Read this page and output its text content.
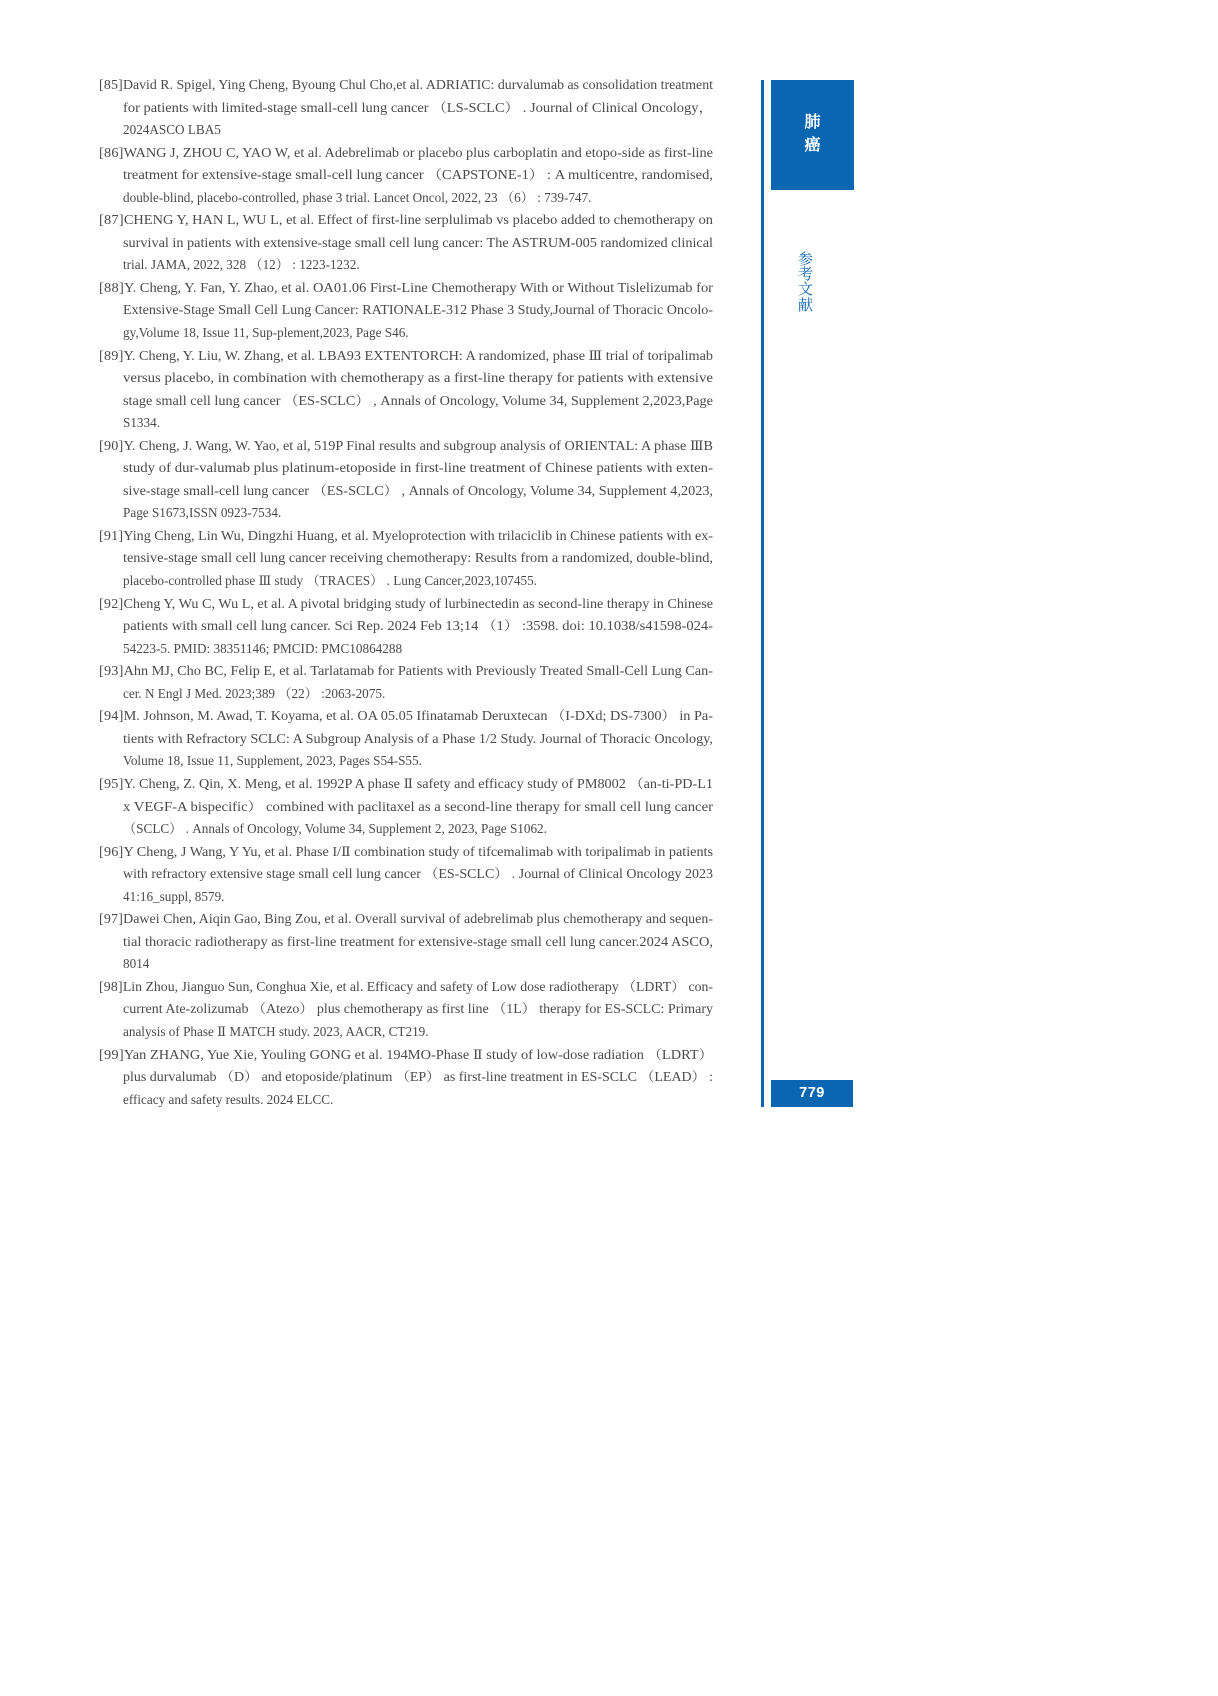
[85]David R. Spigel, Ying Cheng, Byoung Chul Cho,et al. ADRIATIC: durvalumab as consolidation treatment
for patients with limited-stage small-cell lung cancer （LS-SCLC） . Journal of Clinical Oncology，
2024ASCO LBA5
[86]WANG J, ZHOU C, YAO W, et al. Adebrelimab or placebo plus carboplatin and etopo-side as first-line
treatment for extensive-stage small-cell lung cancer （CAPSTONE-1） : A multicentre, randomised,
double-blind, placebo-controlled, phase 3 trial. Lancet Oncol, 2022, 23 （6） : 739-747.
[87]CHENG Y, HAN L, WU L, et al. Effect of first-line serplulimab vs placebo added to chemotherapy on
survival in patients with extensive-stage small cell lung cancer: The ASTRUM-005 randomized clinical
trial. JAMA, 2022, 328 （12） : 1223-1232.
[88]Y. Cheng, Y. Fan, Y. Zhao, et al. OA01.06 First-Line Chemotherapy With or Without Tislelizumab for
Extensive-Stage Small Cell Lung Cancer: RATIONALE-312 Phase 3 Study,Journal of Thoracic Oncolo-
gy,Volume 18, Issue 11, Sup-plement,2023, Page S46.
[89]Y. Cheng, Y. Liu, W. Zhang, et al. LBA93 EXTENTORCH: A randomized, phase Ⅲ trial of toripalimab
versus placebo, in combination with chemotherapy as a first-line therapy for patients with extensive
stage small cell lung cancer （ES-SCLC） , Annals of Oncology, Volume 34, Supplement 2,2023,Page
S1334.
[90]Y. Cheng, J. Wang, W. Yao, et al, 519P Final results and subgroup analysis of ORIENTAL: A phase ⅢB
study of dur-valumab plus platinum-etoposide in first-line treatment of Chinese patients with exten-
sive-stage small-cell lung cancer （ES-SCLC） , Annals of Oncology, Volume 34, Supplement 4,2023,
Page S1673,ISSN 0923-7534.
[91]Ying Cheng, Lin Wu, Dingzhi Huang, et al. Myeloprotection with trilaciclib in Chinese patients with ex-
tensive-stage small cell lung cancer receiving chemotherapy: Results from a randomized, double-blind,
placebo-controlled phase Ⅲ study （TRACES） . Lung Cancer,2023,107455.
[92]Cheng Y, Wu C, Wu L, et al. A pivotal bridging study of lurbinectedin as second-line therapy in Chinese
patients with small cell lung cancer. Sci Rep. 2024 Feb 13;14 （1） :3598. doi: 10.1038/s41598-024-
54223-5. PMID: 38351146; PMCID: PMC10864288
[93]Ahn MJ, Cho BC, Felip E, et al. Tarlatamab for Patients with Previously Treated Small-Cell Lung Can-
cer. N Engl J Med. 2023;389 （22） :2063-2075.
[94]M. Johnson, M. Awad, T. Koyama, et al. OA 05.05 Ifinatamab Deruxtecan （I-DXd; DS-7300） in Pa-
tients with Refractory SCLC: A Subgroup Analysis of a Phase 1/2 Study. Journal of Thoracic Oncology,
Volume 18, Issue 11, Supplement, 2023, Pages S54-S55.
[95]Y. Cheng, Z. Qin, X. Meng, et al. 1992P A phase Ⅱ safety and efficacy study of PM8002 （an-ti-PD-L1
x VEGF-A bispecific） combined with paclitaxel as a second-line therapy for small cell lung cancer
（SCLC） . Annals of Oncology, Volume 34, Supplement 2, 2023, Page S1062.
[96]Y Cheng, J Wang, Y Yu, et al. Phase I/Ⅱ combination study of tifcemalimab with toripalimab in patients
with refractory extensive stage small cell lung cancer （ES-SCLC） . Journal of Clinical Oncology 2023
41:16_suppl, 8579.
[97]Dawei Chen, Aiqin Gao, Bing Zou, et al. Overall survival of adebrelimab plus chemotherapy and sequen-
tial thoracic radiotherapy as first-line treatment for extensive-stage small cell lung cancer.2024 ASCO,
8014
[98]Lin Zhou, Jianguo Sun, Conghua Xie, et al. Efficacy and safety of Low dose radiotherapy （LDRT） con-
current Ate-zolizumab （Atezo） plus chemotherapy as first line （1L） therapy for ES-SCLC: Primary
analysis of Phase Ⅱ MATCH study. 2023, AACR, CT219.
[99]Yan ZHANG, Yue Xie, Youling GONG et al. 194MO-Phase Ⅱ study of low-dose radiation （LDRT）
plus durvalumab （D） and etoposide/platinum （EP） as first-line treatment in ES-SCLC （LEAD） :
efficacy and safety results. 2024 ELCC.
肺癌
参考文献
779
